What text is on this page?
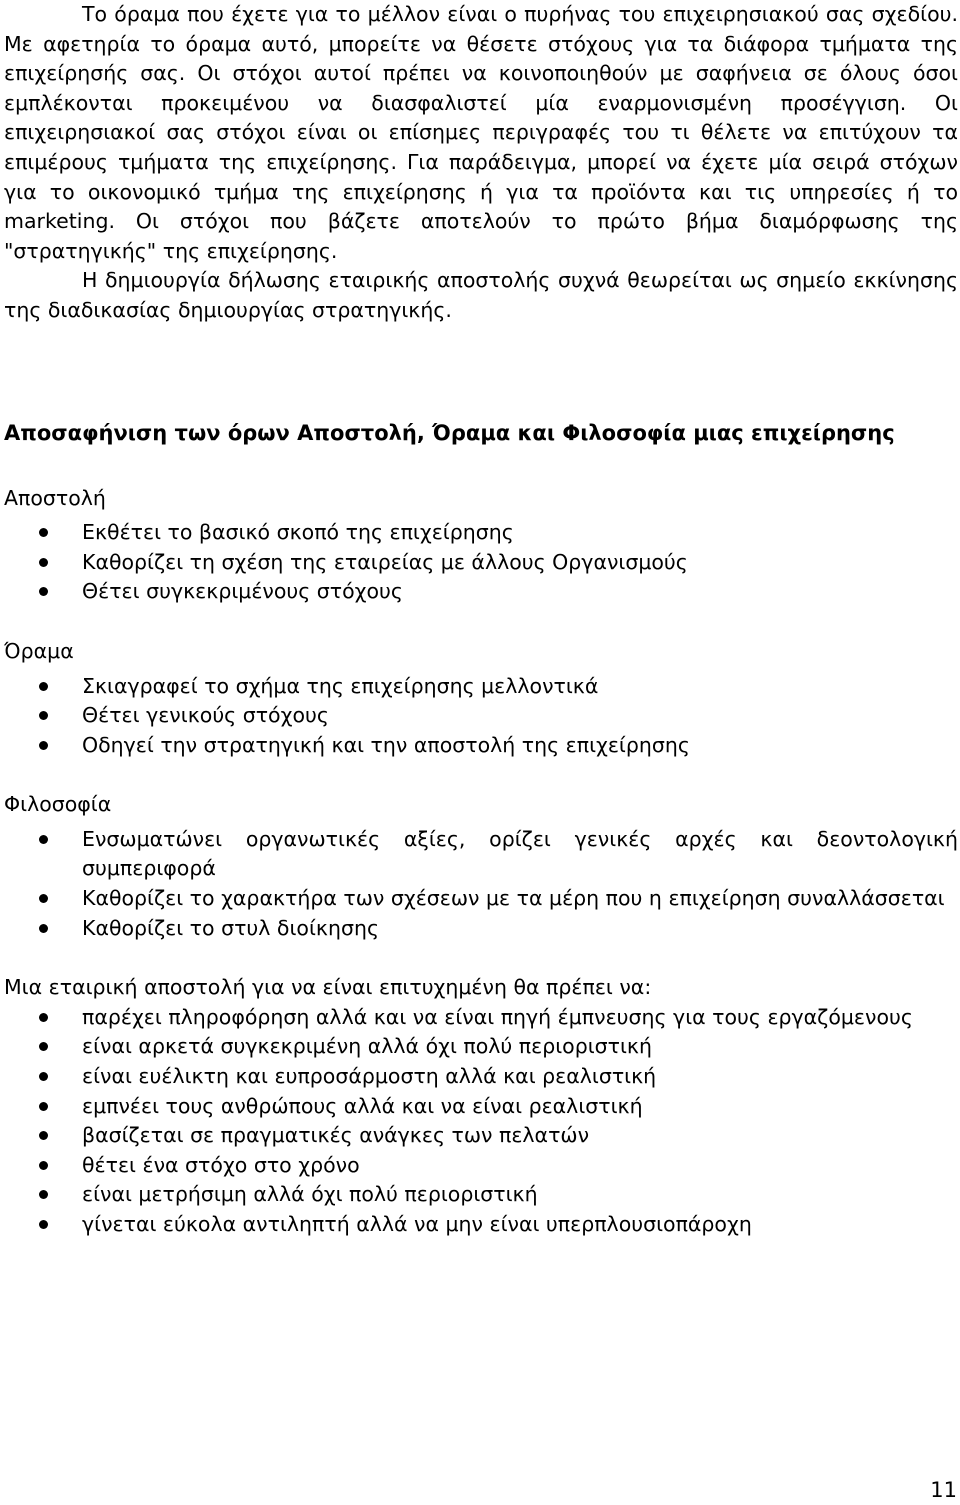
Το όραμα που έχετε για το μέλλον είναι ο πυρήνας του επιχειρησιακού σας σχεδίου. Με αφετηρία το όραμα αυτό, μπορείτε να θέσετε στόχους για τα διάφορα τμήματα της επιχείρησής σας. Οι στόχοι αυτοί πρέπει να κοινοποιηθούν με σαφήνεια σε όλους όσοι εμπλέκονται προκειμένου να διασφαλιστεί μία εναρμονισμένη προσέγγιση. Οι επιχειρησιακοί σας στόχοι είναι οι επίσημες περιγραφές του τι θέλετε να επιτύχουν τα επιμέρους τμήματα της επιχείρησης. Για παράδειγμα, μπορεί να έχετε μία σειρά στόχων για το οικονομικό τμήμα της επιχείρησης ή για τα προϊόντα και τις υπηρεσίες ή το marketing. Οι στόχοι που βάζετε αποτελούν το πρώτο βήμα διαμόρφωσης της "στρατηγικής" της επιχείρησης.

Η δημιουργία δήλωσης εταιρικής αποστολής συχνά θεωρείται ως σημείο εκκίνησης της διαδικασίας δημιουργίας στρατηγικής.

Αποσαφήνιση των όρων Αποστολή, Όραμα και Φιλοσοφία μιας επιχείρησης

Αποστολή

Εκθέτει το βασικό σκοπό της επιχείρησης
Καθορίζει τη σχέση της εταιρείας με άλλους Οργανισμούς
Θέτει συγκεκριμένους στόχους

Όραμα

Σκιαγραφεί το σχήμα της επιχείρησης μελλοντικά
Θέτει γενικούς στόχους
Οδηγεί την στρατηγική και την αποστολή της επιχείρησης

Φιλοσοφία

Ενσωματώνει οργανωτικές αξίες, ορίζει γενικές αρχές και δεοντολογική συμπεριφορά
Καθορίζει το χαρακτήρα των σχέσεων με τα μέρη που η επιχείρηση συναλλάσσεται
Καθορίζει το στυλ διοίκησης

Μια εταιρική αποστολή για να είναι επιτυχημένη θα πρέπει να:

παρέχει πληροφόρηση αλλά και να είναι πηγή έμπνευσης για τους εργαζόμενους
είναι αρκετά συγκεκριμένη αλλά όχι πολύ περιοριστική
είναι ευέλικτη και ευπροσάρμοστη αλλά και ρεαλιστική
εμπνέει τους ανθρώπους αλλά και να είναι ρεαλιστική
βασίζεται σε πραγματικές ανάγκες των πελατών
θέτει ένα στόχο στο χρόνο
είναι μετρήσιμη αλλά όχι πολύ περιοριστική
γίνεται εύκολα αντιληπτή αλλά να μην είναι υπερπλουσιοπάροχη
11
